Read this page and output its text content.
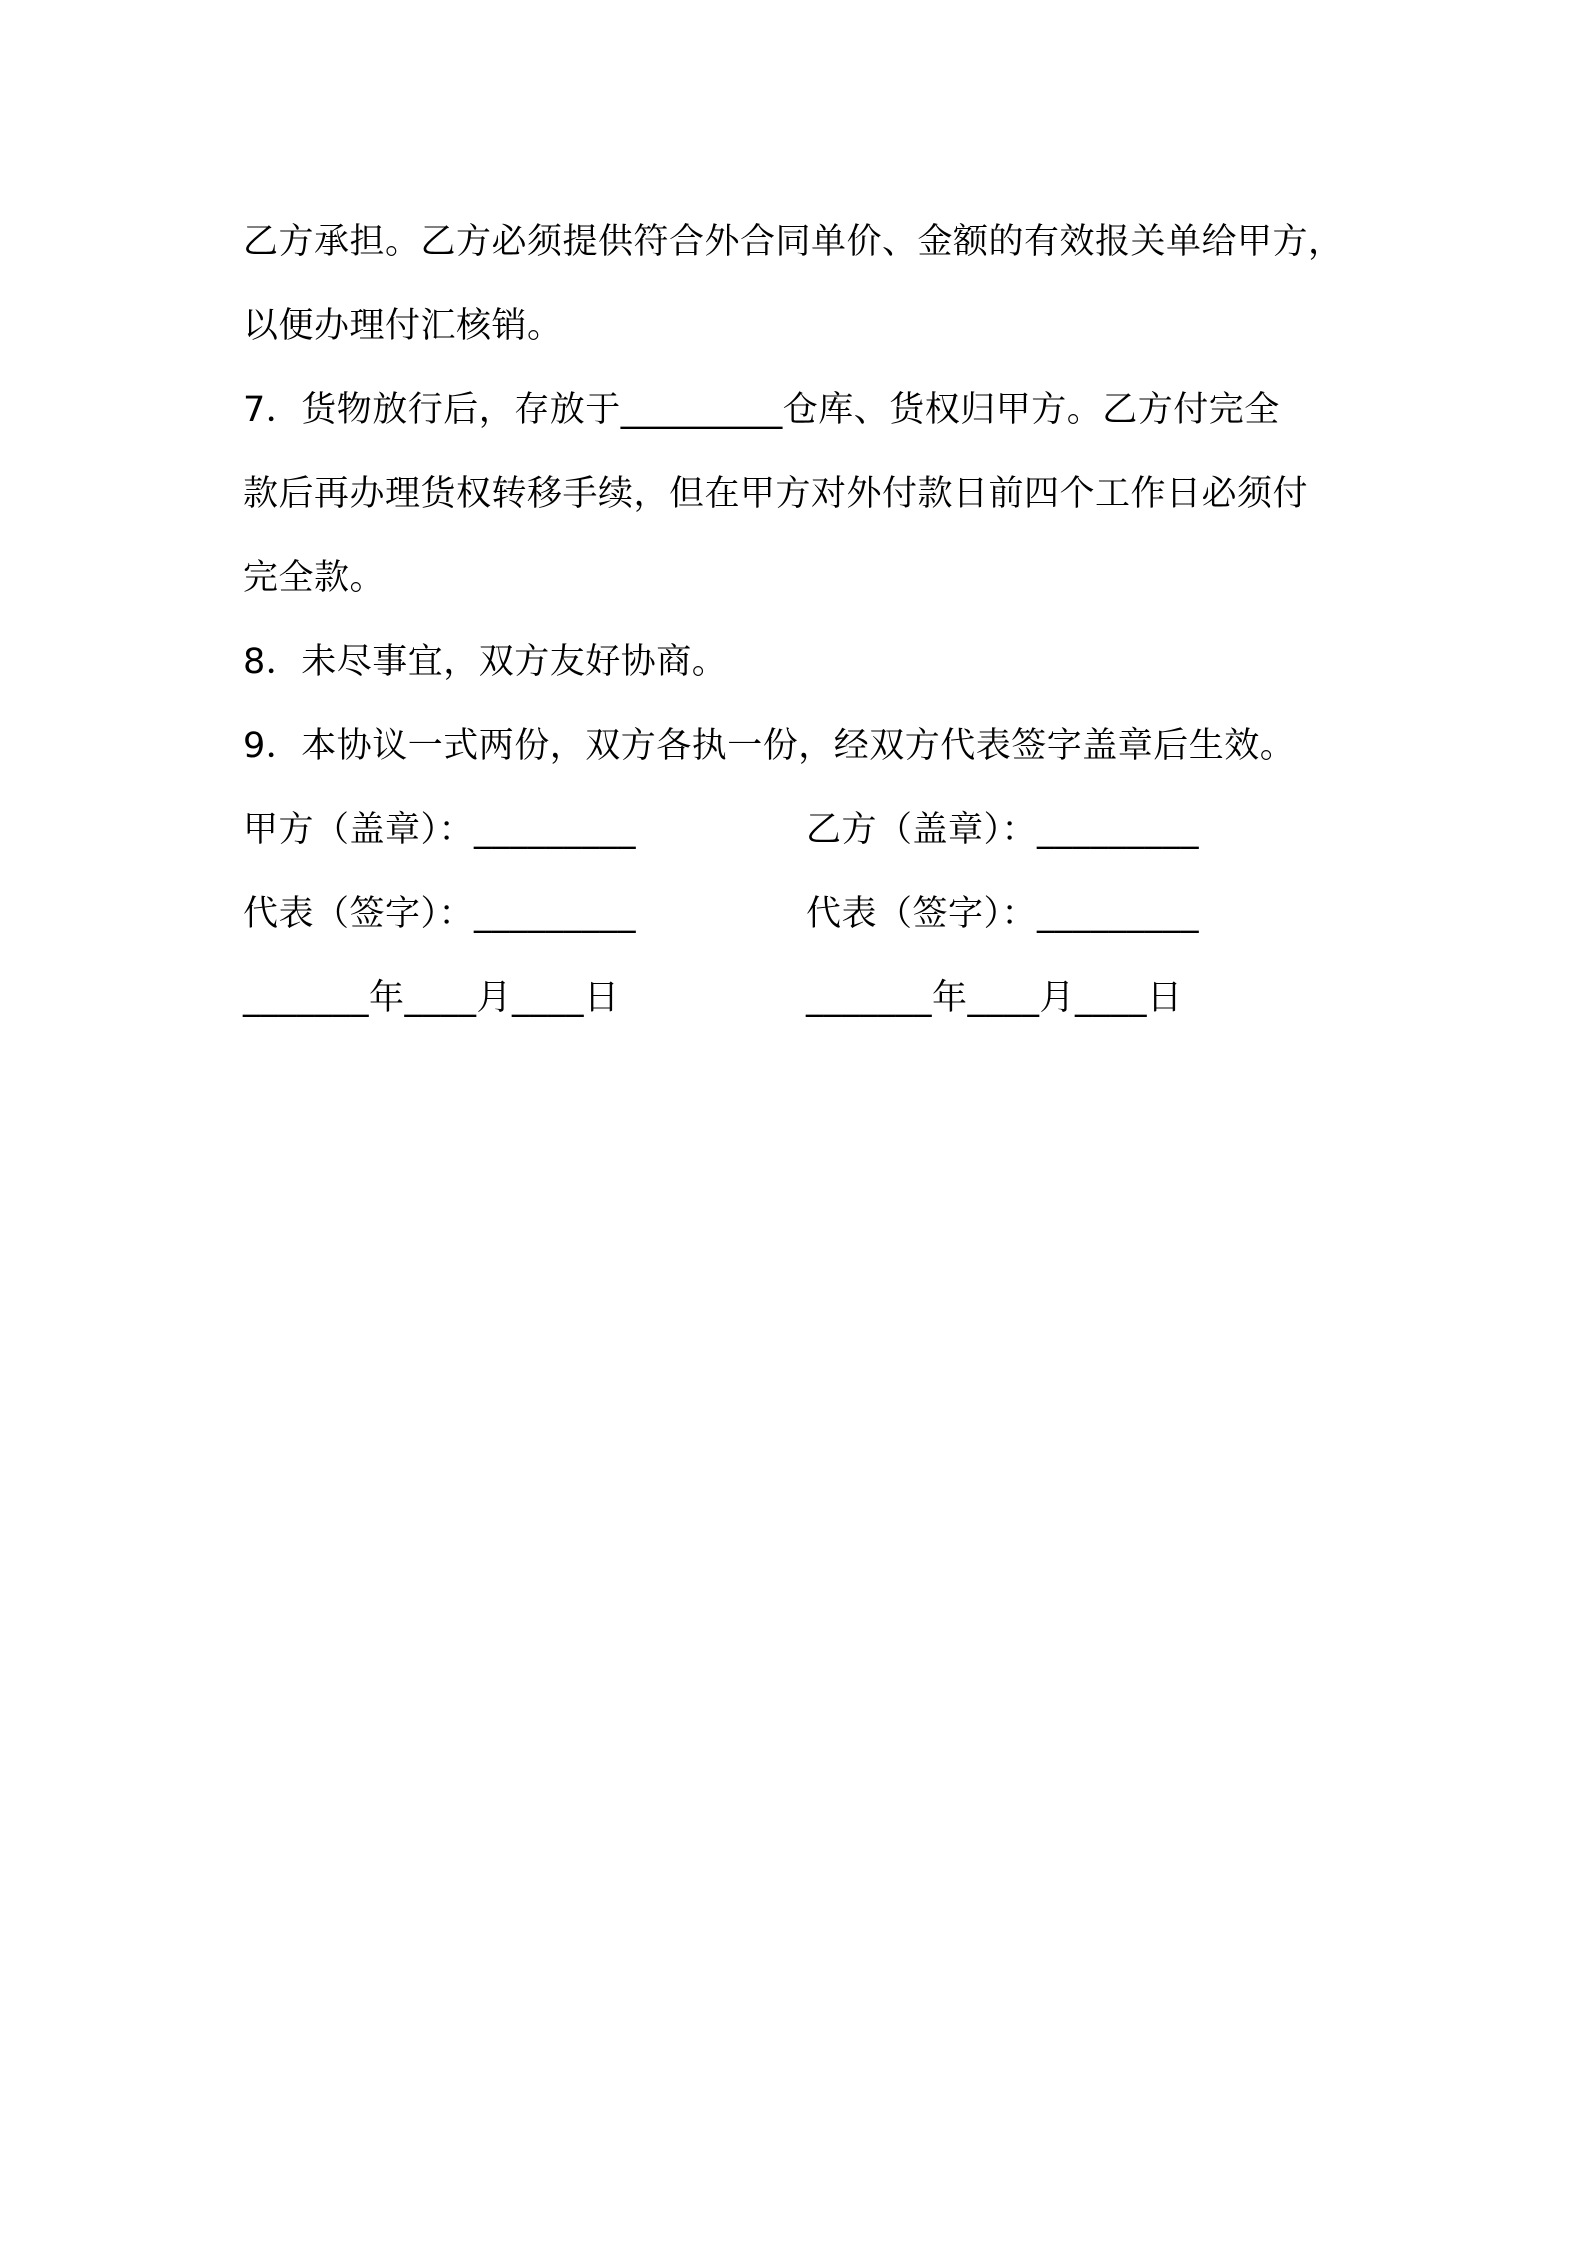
乙方承担。乙方必须提供符合外合同单价、金额的有效报关单给甲方，
以便办理付汇核销。
7．货物放行后，存放于_________仓库、货权归甲方。乙方付完全
款后再办理货权转移手续，但在甲方对外付款日前四个工作日必须付
完全款。
8．未尽事宜，双方友好协商。
9．本协议一式两份，双方各执一份，经双方代表签字盖章后生效。
甲方（盖章）：_________	乙方（盖章）：_________
代表（签字）：_________	代表（签字）：_________
_______年____月____日	_______年____月____日
